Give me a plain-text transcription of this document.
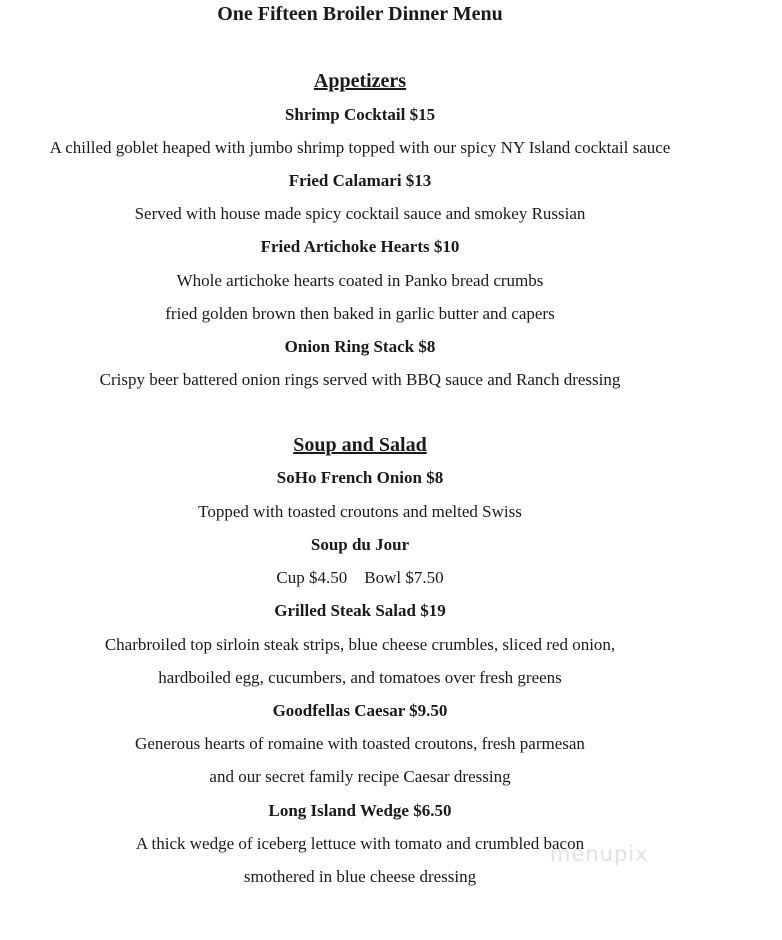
One Fifteen Broiler Dinner Menu
Appetizers
Shrimp Cocktail $15
A chilled goblet heaped with jumbo shrimp topped with our spicy NY Island cocktail sauce
Fried Calamari $13
Served with house made spicy cocktail sauce and smokey Russian
Fried Artichoke Hearts $10
Whole artichoke hearts coated in Panko bread crumbs
fried golden brown then baked in garlic butter and capers
Onion Ring Stack $8
Crispy beer battered onion rings served with BBQ sauce and Ranch dressing
Soup and Salad
SoHo French Onion $8
Topped with toasted croutons and melted Swiss
Soup du Jour
Cup $4.50    Bowl $7.50
Grilled Steak Salad $19
Charbroiled top sirloin steak strips, blue cheese crumbles, sliced red onion,
hardboiled egg, cucumbers, and tomatoes over fresh greens
Goodfellas Caesar $9.50
Generous hearts of romaine with toasted croutons, fresh parmesan
and our secret family recipe Caesar dressing
Long Island Wedge $6.50
A thick wedge of iceberg lettuce with tomato and crumbled bacon
smothered in blue cheese dressing
menupix
